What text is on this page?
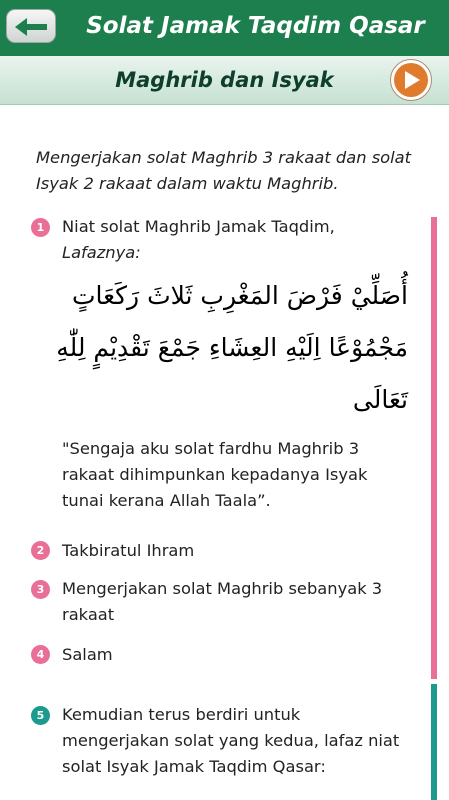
Solat Jamak Taqdim Qasar
Maghrib dan Isyak
Mengerjakan solat Maghrib 3 rakaat dan solat Isyak 2 rakaat dalam waktu Maghrib.
1	Niat solat Maghrib Jamak Taqdim,
Lafaznya:
أُصَلِّيْ فَرْضَ المَغْرِبِ ثَلاثَ رَكَعَاتٍ مَجْمُوْعًا اِلَيْهِ العِشَاءِ جَمْعَ تَقْدِيْمٍ لِلّٰهِ تَعَالَى
"Sengaja aku solat fardhu Maghrib 3 rakaat dihimpunkan kepadanya Isyak tunai kerana Allah Taala”.
2	Takbiratul Ihram
3	Mengerjakan solat Maghrib sebanyak 3 rakaat
4	Salam
5	Kemudian terus berdiri untuk mengerjakan solat yang kedua, lafaz niat solat Isyak Jamak Taqdim Qasar:
